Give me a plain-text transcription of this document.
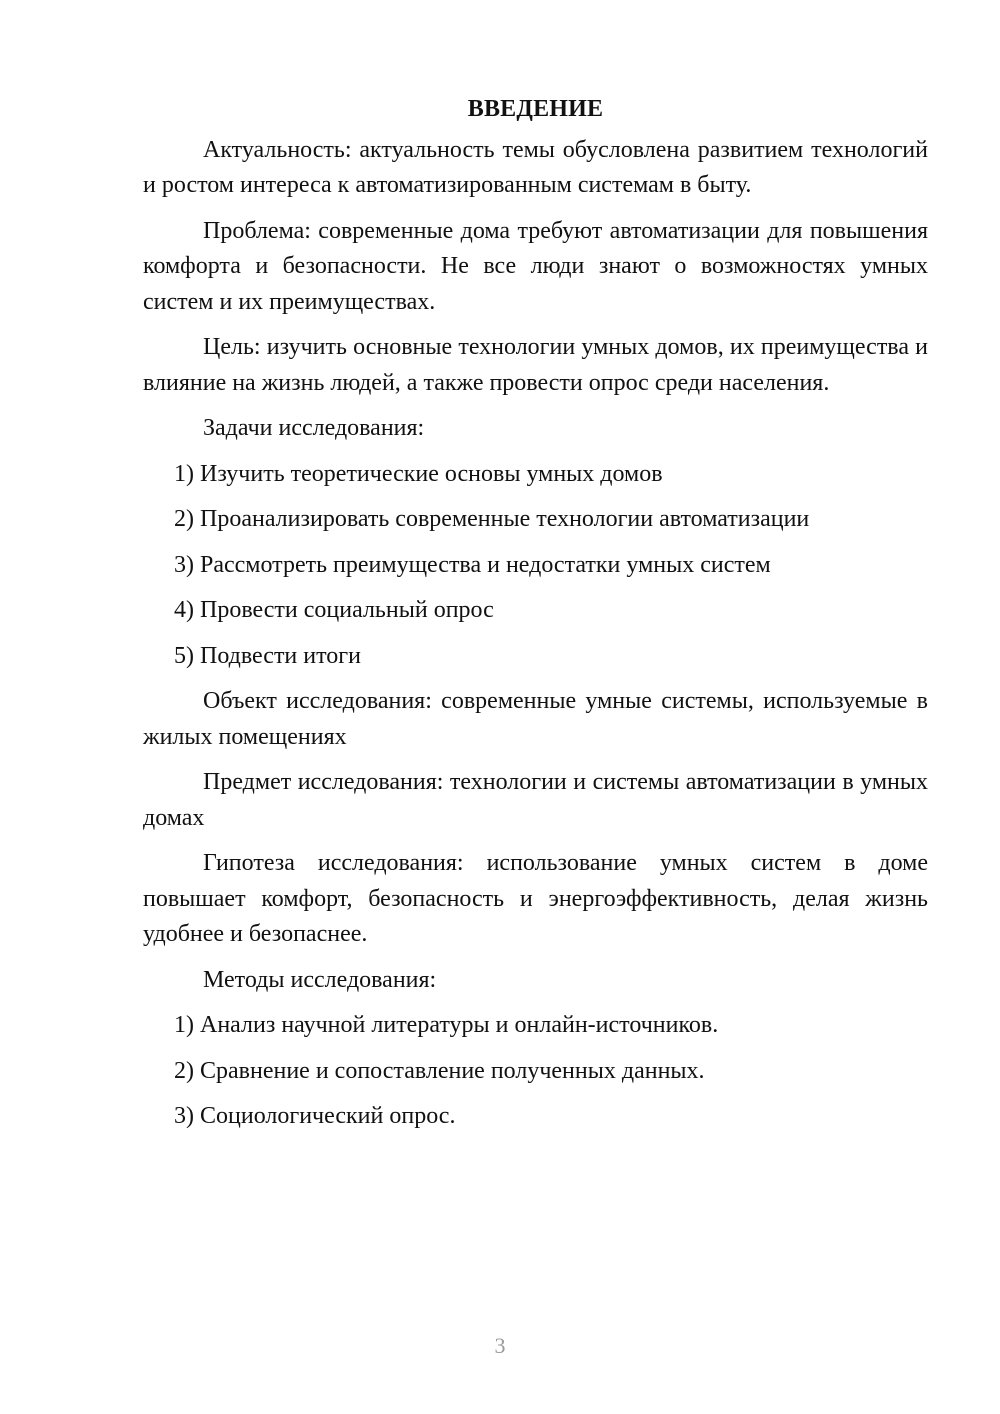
ВВЕДЕНИЕ

Актуальность: актуальность темы обусловлена развитием технологий и ростом интереса к автоматизированным системам в быту.

Проблема: современные дома требуют автоматизации для повышения комфорта и безопасности. Не все люди знают о возможностях умных систем и их преимуществах.

Цель: изучить основные технологии умных домов, их преимущества и влияние на жизнь людей, а также провести опрос среди населения.

Задачи исследования:

1) Изучить теоретические основы умных домов

2) Проанализировать современные технологии автоматизации

3) Рассмотреть преимущества и недостатки умных систем

4) Провести социальный опрос

5) Подвести итоги

Объект исследования: современные умные системы, используемые в жилых помещениях

Предмет исследования: технологии и системы автоматизации в умных домах

Гипотеза исследования: использование умных систем в доме повышает комфорт, безопасность и энергоэффективность, делая жизнь удобнее и безопаснее.

Методы исследования:

1) Анализ научной литературы и онлайн-источников.

2) Сравнение и сопоставление полученных данных.

3) Социологический опрос.

3
